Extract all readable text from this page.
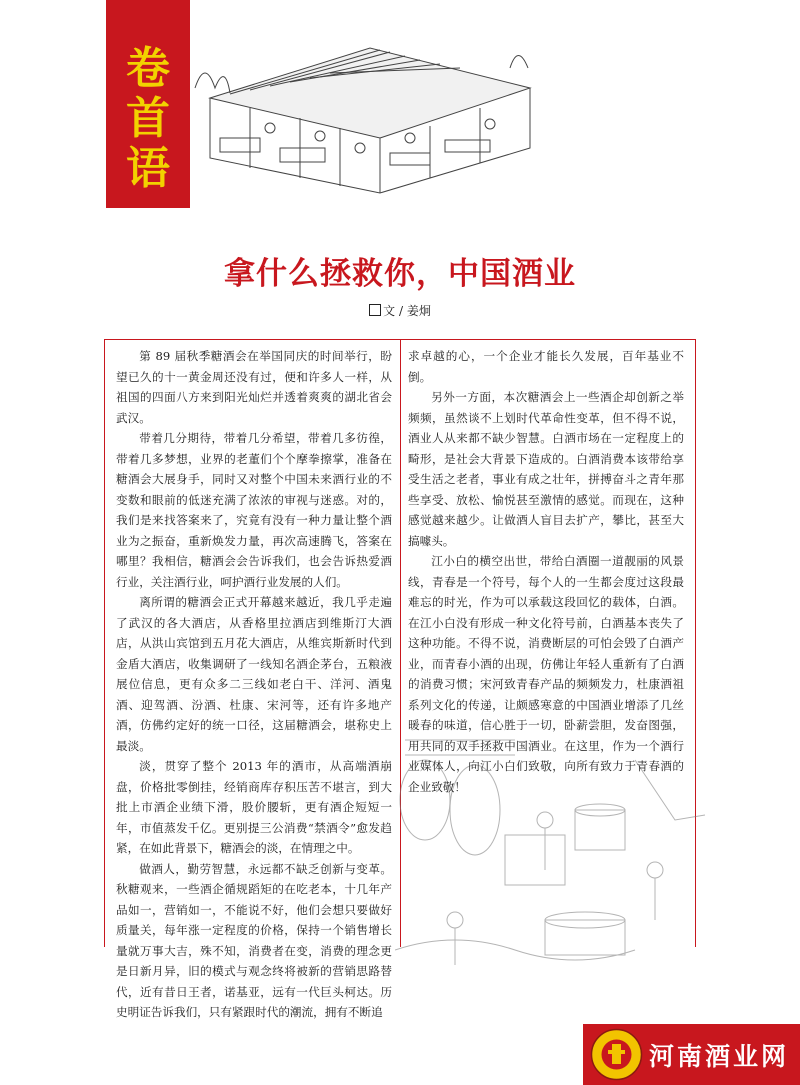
卷
首
语
拿什么拯救你，中国酒业
文 / 姜炯

第 89 届秋季糖酒会在举国同庆的时间举行，盼望已久的十一黄金周还没有过，便和许多人一样，从祖国的四面八方来到阳光灿烂并透着爽爽的湖北省会武汉。

带着几分期待，带着几分希望，带着几多彷徨，带着几多梦想，业界的老董们个个摩拳擦掌，准备在糖酒会大展身手，同时又对整个中国未来酒行业的不变数和眼前的低迷充满了浓浓的审视与迷惑。对的，我们是来找答案来了，究竟有没有一种力量让整个酒业为之振奋，重新焕发力量，再次高速腾飞，答案在哪里？我相信，糖酒会会告诉我们，也会告诉热爱酒行业，关注酒行业，呵护酒行业发展的人们。

离所谓的糖酒会正式开幕越来越近，我几乎走遍了武汉的各大酒店，从香格里拉酒店到维斯汀大酒店，从洪山宾馆到五月花大酒店，从维宾斯新时代到金盾大酒店，收集调研了一线知名酒企茅台，五粮液展位信息，更有众多二三线如老白干、洋河、酒鬼酒、迎驾酒、汾酒、杜康、宋河等，还有许多地产酒，仿佛约定好的统一口径，这届糖酒会，堪称史上最淡。

淡，贯穿了整个 2013 年的酒市，从高端酒崩盘，价格批零倒挂，经销商库存积压苦不堪言，到大批上市酒企业绩下滑，股价腰斩，更有酒企短短一年，市值蒸发千亿。更别提三公消费“禁酒令”愈发趋紧，在如此背景下，糖酒会的淡，在情理之中。

做酒人，勤劳智慧，永远都不缺乏创新与变革。秋糖观来，一些酒企循规蹈矩的在吃老本，十几年产品如一，营销如一，不能说不好，他们会想只要做好质量关，每年涨一定程度的价格，保持一个销售增长量就万事大吉，殊不知，消费者在变，消费的理念更是日新月异，旧的模式与观念终将被新的营销思路替代，近有昔日王者，诺基亚，远有一代巨头柯达。历史明证告诉我们，只有紧跟时代的潮流，拥有不断追

求卓越的心，一个企业才能长久发展，百年基业不倒。

另外一方面，本次糖酒会上一些酒企却创新之举频频，虽然谈不上划时代革命性变革，但不得不说，酒业人从来都不缺少智慧。白酒市场在一定程度上的畸形，是社会大背景下造成的。白酒消费本该带给享受生活之老者，事业有成之壮年，拼搏奋斗之青年那些享受、放松、愉悦甚至激情的感觉。而现在，这种感觉越来越少。让做酒人盲目去扩产，攀比，甚至大搞噱头。

江小白的横空出世，带给白酒圈一道靓丽的风景线，青春是一个符号，每个人的一生都会度过这段最难忘的时光，作为可以承载这段回忆的载体，白酒。在江小白没有形成一种文化符号前，白酒基本丧失了这种功能。不得不说，消费断层的可怕会毁了白酒产业，而青春小酒的出现，仿佛让年轻人重新有了白酒的消费习惯；宋河致青春产品的频频发力，杜康酒祖系列文化的传递，让颇感寒意的中国酒业增添了几丝暖春的味道，信心胜于一切，卧薪尝胆，发奋图强，用共同的双手拯救中国酒业。在这里，作为一个酒行业媒体人，向江小白们致敬，向所有致力于青春酒的企业致敬！

河南酒业网
